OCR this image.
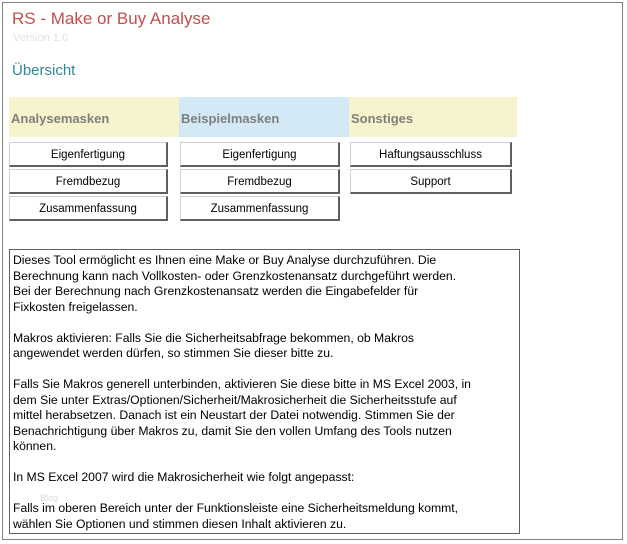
RS - Make or Buy Analyse
Version 1.0
Übersicht
Analysemasken	Beispielmasken	Sonstiges
Eigenfertigung
Fremdbezug
Zusammenfassung
Eigenfertigung
Fremdbezug
Zusammenfassung
Haftungsausschluss
Support

Dieses Tool ermöglicht es Ihnen eine Make or Buy Analyse durchzuführen. Die
Berechnung kann nach Vollkosten- oder Grenzkostenansatz durchgeführt werden.
Bei der Berechnung nach Grenzkostenansatz werden die Eingabefelder für
Fixkosten freigelassen.

Makros aktivieren: Falls Sie die Sicherheitsabfrage bekommen, ob Makros
angewendet werden dürfen, so stimmen Sie dieser bitte zu.

Falls Sie Makros generell unterbinden, aktivieren Sie diese bitte in MS Excel 2003, in
dem Sie unter Extras/Optionen/Sicherheit/Makrosicherheit die Sicherheitsstufe auf
mittel herabsetzen. Danach ist ein Neustart der Datei notwendig. Stimmen Sie der
Benachrichtigung über Makros zu, damit Sie den vollen Umfang des Tools nutzen
können.

In MS Excel 2007 wird die Makrosicherheit wie folgt angepasst:

Falls im oberen Bereich unter der Funktionsleiste eine Sicherheitsmeldung kommt,
wählen Sie Optionen und stimmen diesen Inhalt aktivieren zu.

Blog
